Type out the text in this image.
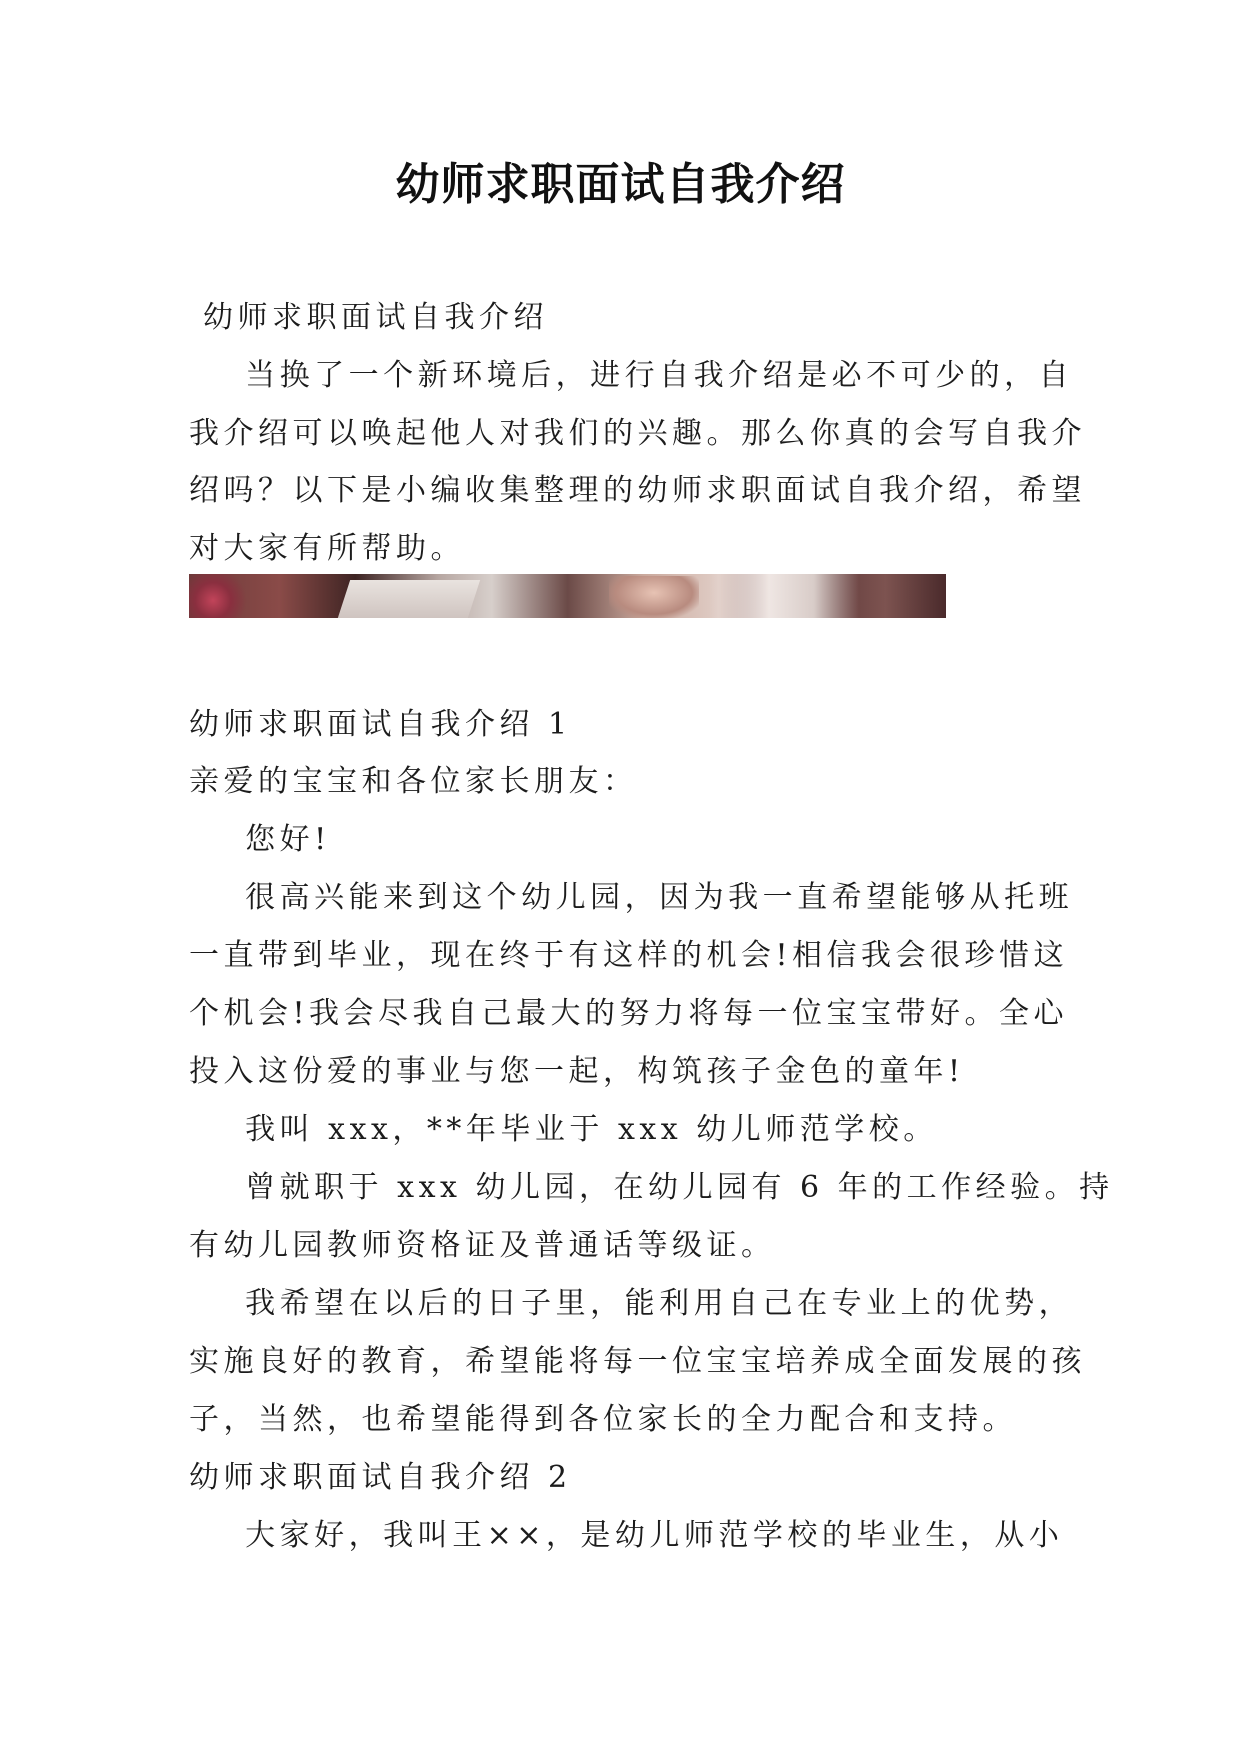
幼师求职面试自我介绍
幼师求职面试自我介绍
当换了一个新环境后，进行自我介绍是必不可少的，自
我介绍可以唤起他人对我们的兴趣。那么你真的会写自我介
绍吗？以下是小编收集整理的幼师求职面试自我介绍，希望
对大家有所帮助。
幼师求职面试自我介绍 1
亲爱的宝宝和各位家长朋友：
您好!
很高兴能来到这个幼儿园，因为我一直希望能够从托班
一直带到毕业，现在终于有这样的机会!相信我会很珍惜这
个机会!我会尽我自己最大的努力将每一位宝宝带好。全心
投入这份爱的事业与您一起，构筑孩子金色的童年!
我叫 xxx，**年毕业于 xxx 幼儿师范学校。
曾就职于 xxx 幼儿园，在幼儿园有 6 年的工作经验。持
有幼儿园教师资格证及普通话等级证。
我希望在以后的日子里，能利用自己在专业上的优势，
实施良好的教育，希望能将每一位宝宝培养成全面发展的孩
子，当然，也希望能得到各位家长的全力配合和支持。
幼师求职面试自我介绍 2
大家好，我叫王××，是幼儿师范学校的毕业生，从小
